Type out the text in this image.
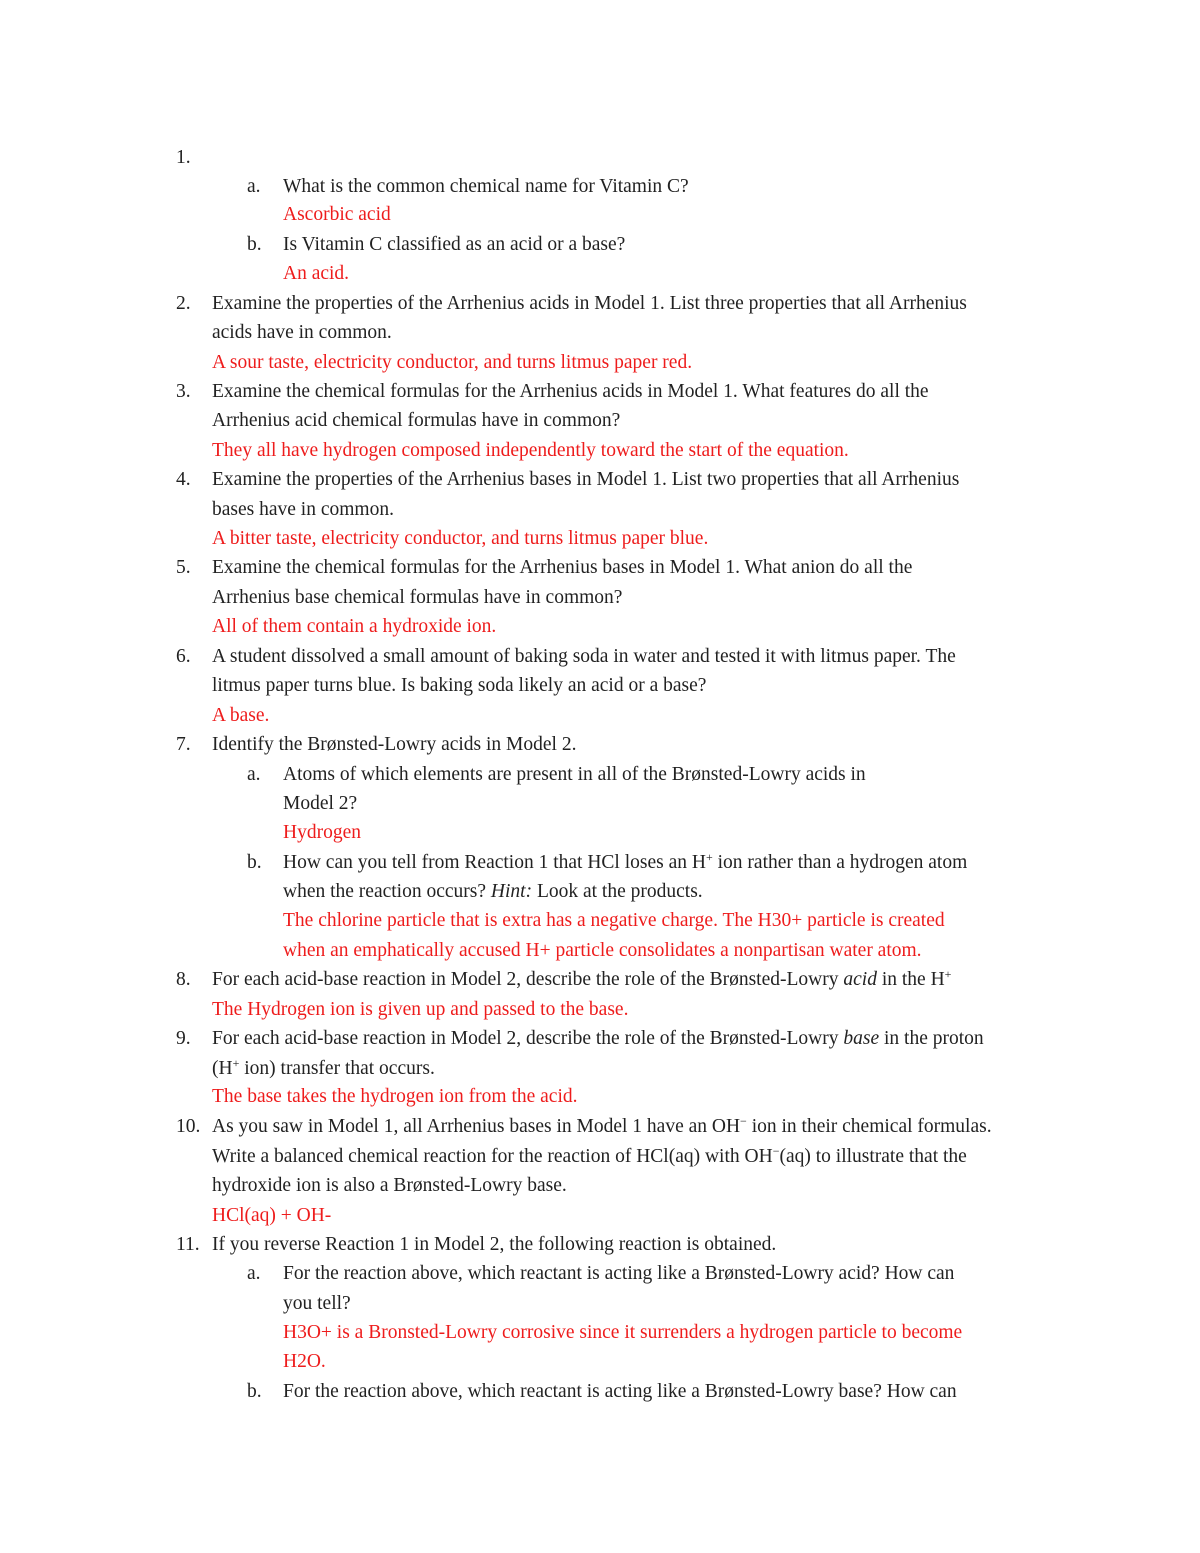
1.
a. What is the common chemical name for Vitamin C?
Ascorbic acid
b. Is Vitamin C classified as an acid or a base?
An acid.
2. Examine the properties of the Arrhenius acids in Model 1. List three properties that all Arrhenius
acids have in common.
A sour taste, electricity conductor, and turns litmus paper red.
3. Examine the chemical formulas for the Arrhenius acids in Model 1. What features do all the
Arrhenius acid chemical formulas have in common?
They all have hydrogen composed independently toward the start of the equation.
4. Examine the properties of the Arrhenius bases in Model 1. List two properties that all Arrhenius
bases have in common.
A bitter taste, electricity conductor, and turns litmus paper blue.
5. Examine the chemical formulas for the Arrhenius bases in Model 1. What anion do all the
Arrhenius base chemical formulas have in common?
All of them contain a hydroxide ion.
6. A student dissolved a small amount of baking soda in water and tested it with litmus paper. The
litmus paper turns blue. Is baking soda likely an acid or a base?
A base.
7. Identify the Brønsted-Lowry acids in Model 2.
a. Atoms of which elements are present in all of the Brønsted-Lowry acids in
Model 2?
Hydrogen
b. How can you tell from Reaction 1 that HCl loses an H+ ion rather than a hydrogen atom
when the reaction occurs? Hint: Look at the products.
The chlorine particle that is extra has a negative charge. The H30+ particle is created
when an emphatically accused H+ particle consolidates a nonpartisan water atom.
8. For each acid-base reaction in Model 2, describe the role of the Brønsted-Lowry acid in the H+
The Hydrogen ion is given up and passed to the base.
9. For each acid-base reaction in Model 2, describe the role of the Brønsted-Lowry base in the proton
(H+ ion) transfer that occurs.
The base takes the hydrogen ion from the acid.
10. As you saw in Model 1, all Arrhenius bases in Model 1 have an OH− ion in their chemical formulas.
Write a balanced chemical reaction for the reaction of HCl(aq) with OH−(aq) to illustrate that the
hydroxide ion is also a Brønsted-Lowry base.
HCl(aq) + OH-
11. If you reverse Reaction 1 in Model 2, the following reaction is obtained.
a. For the reaction above, which reactant is acting like a Brønsted-Lowry acid? How can
you tell?
H3O+ is a Bronsted-Lowry corrosive since it surrenders a hydrogen particle to become
H2O.
b. For the reaction above, which reactant is acting like a Brønsted-Lowry base? How can
